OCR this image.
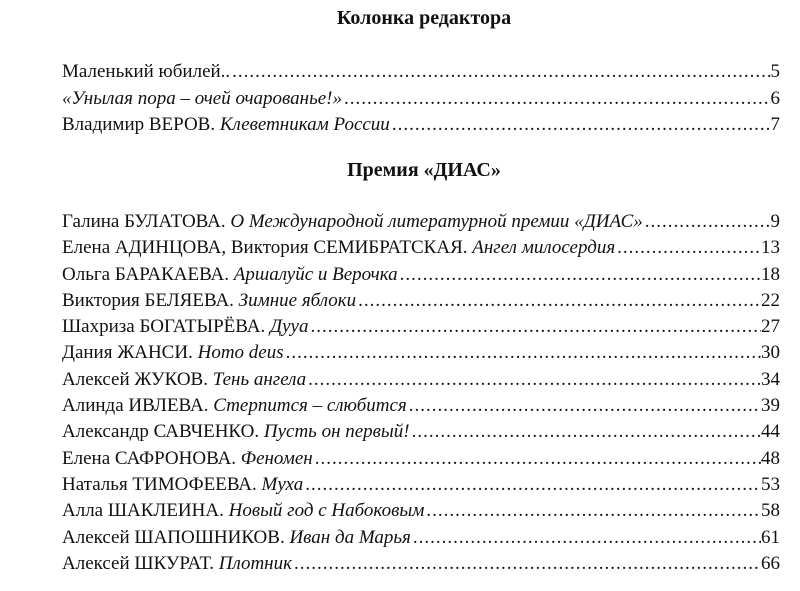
Колонка редактора
Маленький юбилей.. .....	5
«Унылая пора – очей очарованье!» .....	6
Владимир ВЕРОВ. Клеветникам России .....	7
Премия «ДИАС»
Галина БУЛАТОВА. О Международной литературной премии «ДИАС» .....	9
Елена АДИНЦОВА, Виктория СЕМИБРАТСКАЯ. Ангел милосердия .....	13
Ольга БАРАКАЕВА. Аршалуйс и Верочка .....	18
Виктория БЕЛЯЕВА. Зимние яблоки .....	22
Шахриза БОГАТЫРЁВА. Дууа .....	27
Дания ЖАНСИ. Homo deus .....	30
Алексей ЖУКОВ. Тень ангела .....	34
Алинда ИВЛЕВА. Стерпится – слюбится .....	39
Александр САВЧЕНКО. Пусть он первый! .....	44
Елена САФРОНОВА. Феномен .....	48
Наталья ТИМОФЕЕВА. Муха .....	53
Алла ШАКЛЕИНА. Новый год с Набоковым .....	58
Алексей ШАПОШНИКОВ. Иван да Марья .....	61
Алексей ШКУРАТ. Плотник .....	66
